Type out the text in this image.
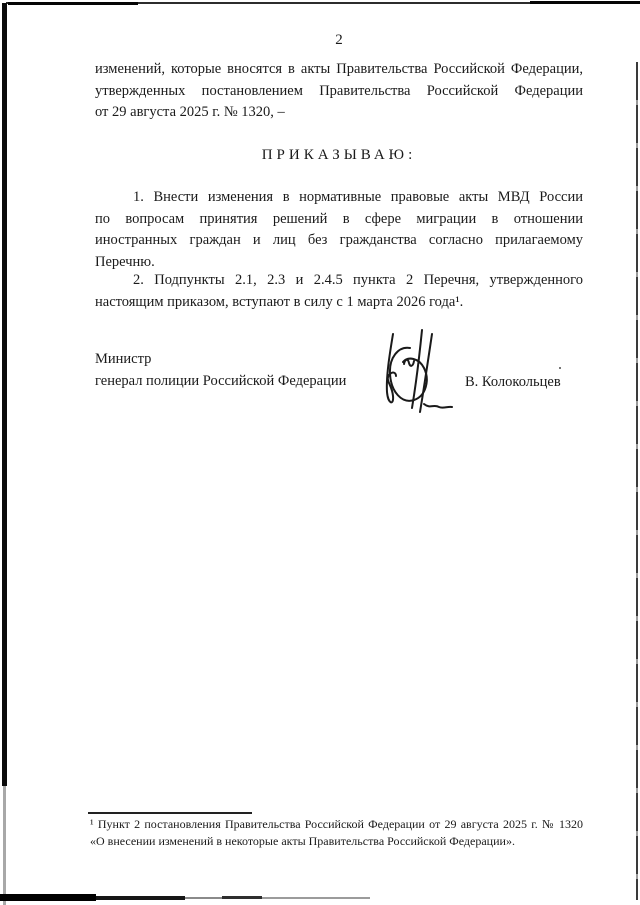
2
изменений, которые вносятся в акты Правительства Российской Федерации,
утвержденных постановлением Правительства Российской Федерации
от 29 августа 2025 г. № 1320, –
ПРИКАЗЫВАЮ:
1. Внести изменения в нормативные правовые акты МВД России
по вопросам принятия решений в сфере миграции в отношении
иностранных граждан и лиц без гражданства согласно прилагаемому
Перечню.
2. Подпункты 2.1, 2.3 и 2.4.5 пункта 2 Перечня, утвержденного
настоящим приказом, вступают в силу с 1 марта 2026 года¹.
Министр
генерал полиции Российской Федерации	В. Колокольцев
¹ Пункт 2 постановления Правительства Российской Федерации от 29 августа 2025 г. № 1320
«О внесении изменений в некоторые акты Правительства Российской Федерации».
